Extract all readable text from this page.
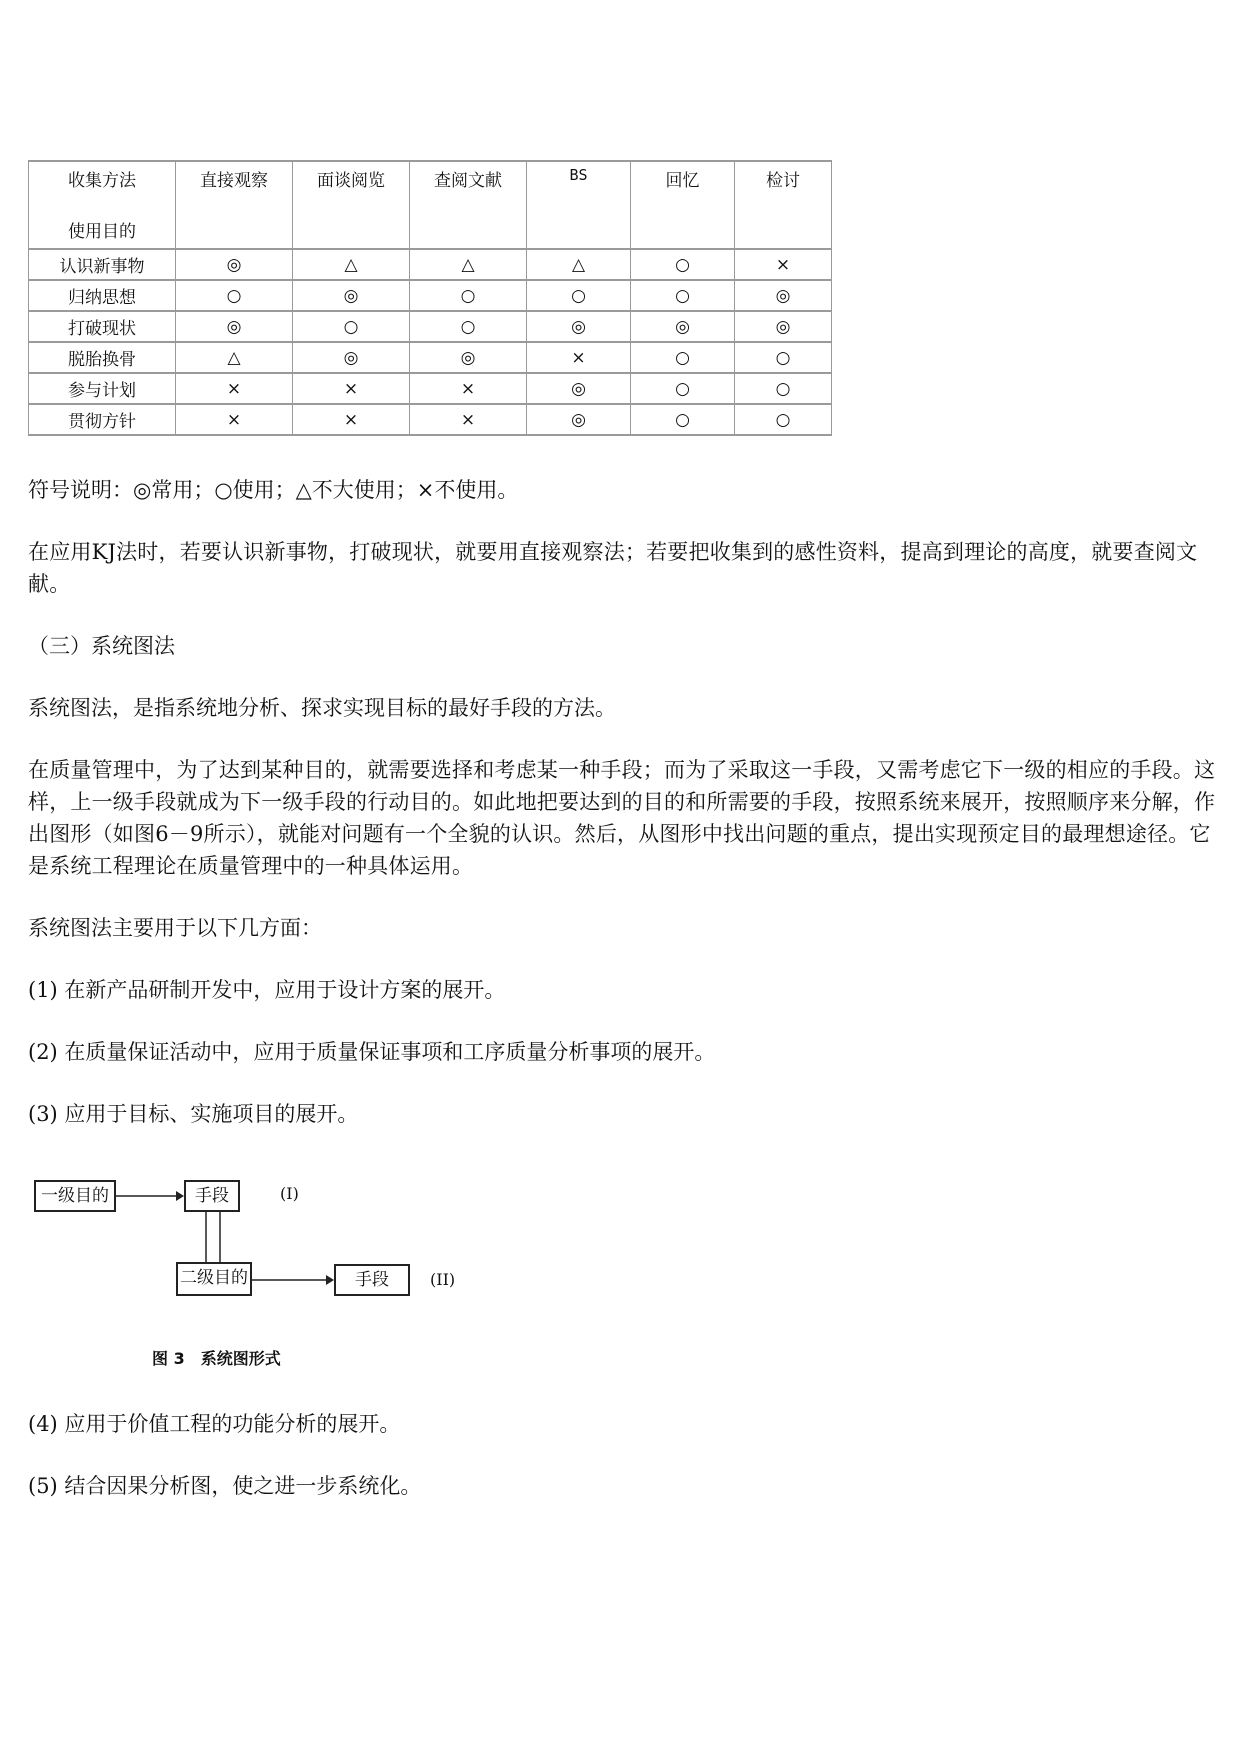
收集方法
使用目的	直接观察	面谈阅览	查阅文献	BS	回忆	检讨

认识新事物	◎	△	△	△	○	×
归纳思想	○	◎	○	○	○	◎
打破现状	◎	○	○	◎	◎	◎
脱胎换骨	△	◎	◎	×	○	○
参与计划	×	×	×	◎	○	○
贯彻方针	×	×	×	◎	○	○

符号说明：◎常用；○使用；△不大使用；×不使用。

在应用KJ法时，若要认识新事物，打破现状，就要用直接观察法；若要把收集到的感性资料，提高到理论的高度，就要查阅文献。

（三）系统图法

系统图法，是指系统地分析、探求实现目标的最好手段的方法。

在质量管理中，为了达到某种目的，就需要选择和考虑某一种手段；而为了采取这一手段，又需考虑它下一级的相应的手段。这样，上一级手段就成为下一级手段的行动目的。如此地把要达到的目的和所需要的手段，按照系统来展开，按照顺序来分解，作出图形（如图6－9所示），就能对问题有一个全貌的认识。然后，从图形中找出问题的重点，提出实现预定目的最理想途径。它是系统工程理论在质量管理中的一种具体运用。

系统图法主要用于以下几方面：

(1) 在新产品研制开发中，应用于设计方案的展开。

(2) 在质量保证活动中，应用于质量保证事项和工序质量分析事项的展开。

(3) 应用于目标、实施项目的展开。

一级目的	手段	(I)
二级目的	手段	(II)
图 3　系统图形式

(4) 应用于价值工程的功能分析的展开。

(5) 结合因果分析图，使之进一步系统化。
